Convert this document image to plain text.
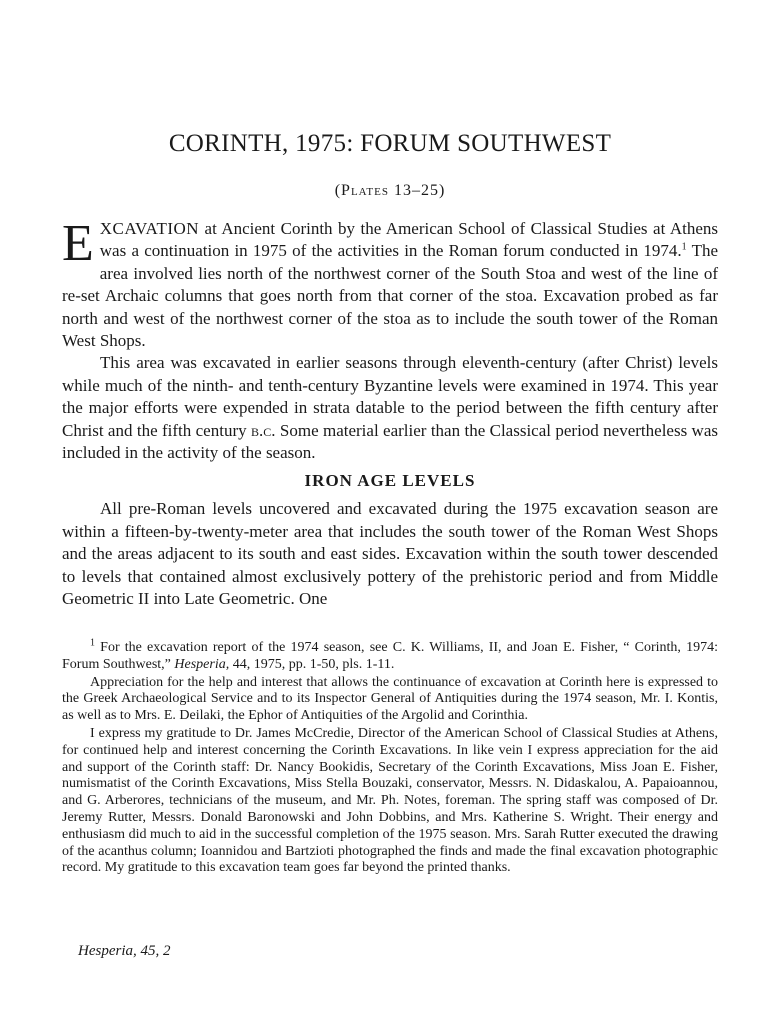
CORINTH, 1975: FORUM SOUTHWEST

(Plates 13–25)

EXCAVATION at Ancient Corinth by the American School of Classical Studies at Athens was a continuation in 1975 of the activities in the Roman forum conducted in 1974.$^1$ The area involved lies north of the northwest corner of the South Stoa and west of the line of re-set Archaic columns that goes north from that corner of the stoa. Excavation probed as far north and west of the northwest corner of the stoa as to include the south tower of the Roman West Shops.

This area was excavated in earlier seasons through eleventh-century (after Christ) levels while much of the ninth- and tenth-century Byzantine levels were examined in 1974. This year the major efforts were expended in strata datable to the period between the fifth century after Christ and the fifth century b.c. Some material earlier than the Classical period nevertheless was included in the activity of the season.

IRON AGE LEVELS

All pre-Roman levels uncovered and excavated during the 1975 excavation season are within a fifteen-by-twenty-meter area that includes the south tower of the Roman West Shops and the areas adjacent to its south and east sides. Excavation within the south tower descended to levels that contained almost exclusively pottery of the prehistoric period and from Middle Geometric II into Late Geometric. One

$^1$ For the excavation report of the 1974 season, see C. K. Williams, II, and Joan E. Fisher, “ Corinth, 1974: Forum Southwest,” Hesperia, 44, 1975, pp. 1-50, pls. 1-11.

Appreciation for the help and interest that allows the continuance of excavation at Corinth here is expressed to the Greek Archaeological Service and to its Inspector General of Antiquities during the 1974 season, Mr. I. Kontis, as well as to Mrs. E. Deilaki, the Ephor of Antiquities of the Argolid and Corinthia.

I express my gratitude to Dr. James McCredie, Director of the American School of Classical Studies at Athens, for continued help and interest concerning the Corinth Excavations. In like vein I express appreciation for the aid and support of the Corinth staff: Dr. Nancy Bookidis, Secretary of the Corinth Excavations, Miss Joan E. Fisher, numismatist of the Corinth Excavations, Miss Stella Bouzaki, conservator, Messrs. N. Didaskalou, A. Papaioannou, and G. Arberores, technicians of the museum, and Mr. Ph. Notes, foreman. The spring staff was composed of Dr. Jeremy Rutter, Messrs. Donald Baronowski and John Dobbins, and Mrs. Katherine S. Wright. Their energy and enthusiasm did much to aid in the successful completion of the 1975 season. Mrs. Sarah Rutter executed the drawing of the acanthus column; Ioannidou and Bartzioti photographed the finds and made the final excavation photographic record. My gratitude to this excavation team goes far beyond the printed thanks.

Hesperia, 45, 2
